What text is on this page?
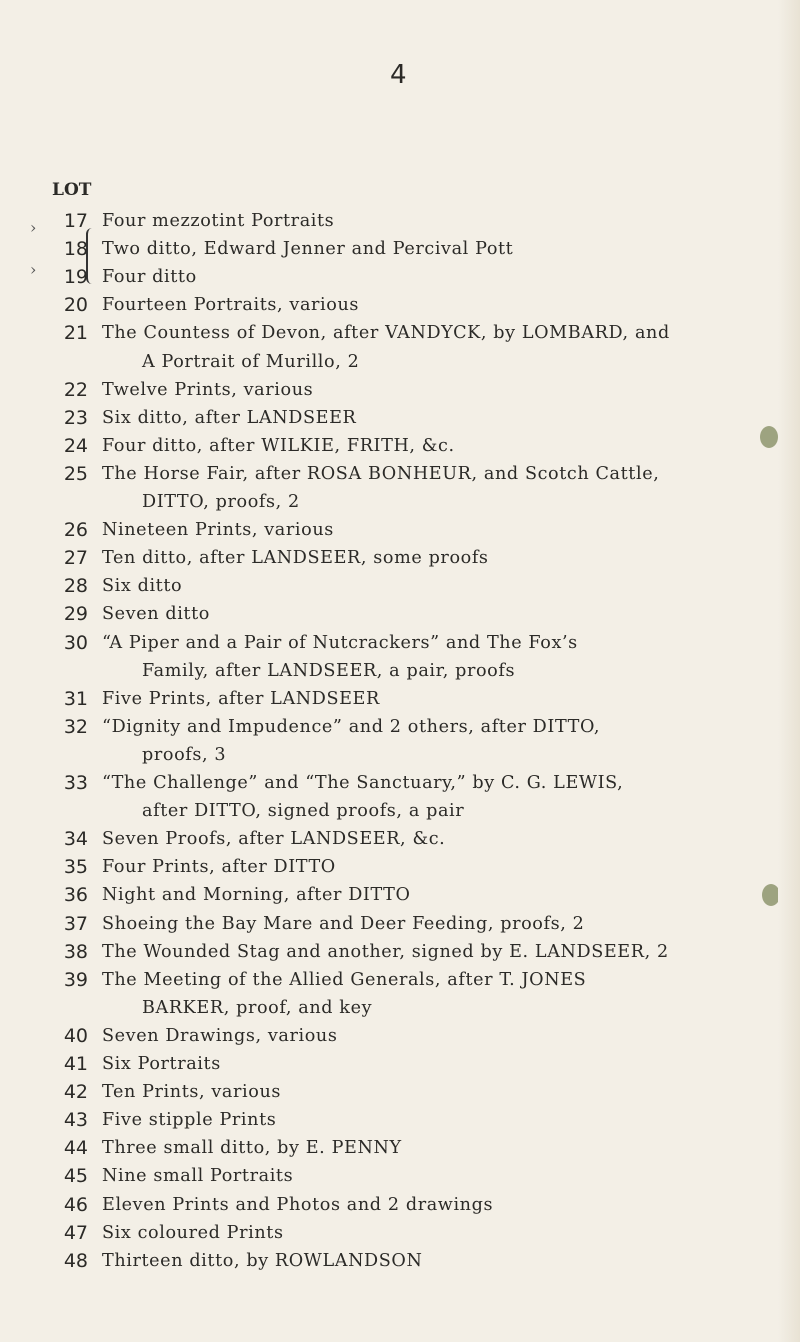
4
LOT
›
›
17 Four mezzotint Portraits
18 Two ditto, Edward Jenner and Percival Pott
19 Four ditto
20 Fourteen Portraits, various
21 The Countess of Devon, after VANDYCK, by LOMBARD, and
A Portrait of Murillo, 2
22 Twelve Prints, various
23 Six ditto, after LANDSEER
24 Four ditto, after WILKIE, FRITH, &c.
25 The Horse Fair, after ROSA BONHEUR, and Scotch Cattle,
DITTO, proofs, 2
26 Nineteen Prints, various
27 Ten ditto, after LANDSEER, some proofs
28 Six ditto
29 Seven ditto
30 “A Piper and a Pair of Nutcrackers” and The Fox’s
Family, after LANDSEER, a pair, proofs
31 Five Prints, after LANDSEER
32 “Dignity and Impudence” and 2 others, after DITTO,
proofs, 3
33 “The Challenge” and “The Sanctuary,” by C. G. LEWIS,
after DITTO, signed proofs, a pair
34 Seven Proofs, after LANDSEER, &c.
35 Four Prints, after DITTO
36 Night and Morning, after DITTO
37 Shoeing the Bay Mare and Deer Feeding, proofs, 2
38 The Wounded Stag and another, signed by E. LANDSEER, 2
39 The Meeting of the Allied Generals, after T. JONES
BARKER, proof, and key
40 Seven Drawings, various
41 Six Portraits
42 Ten Prints, various
43 Five stipple Prints
44 Three small ditto, by E. PENNY
45 Nine small Portraits
46 Eleven Prints and Photos and 2 drawings
47 Six coloured Prints
48 Thirteen ditto, by ROWLANDSON
